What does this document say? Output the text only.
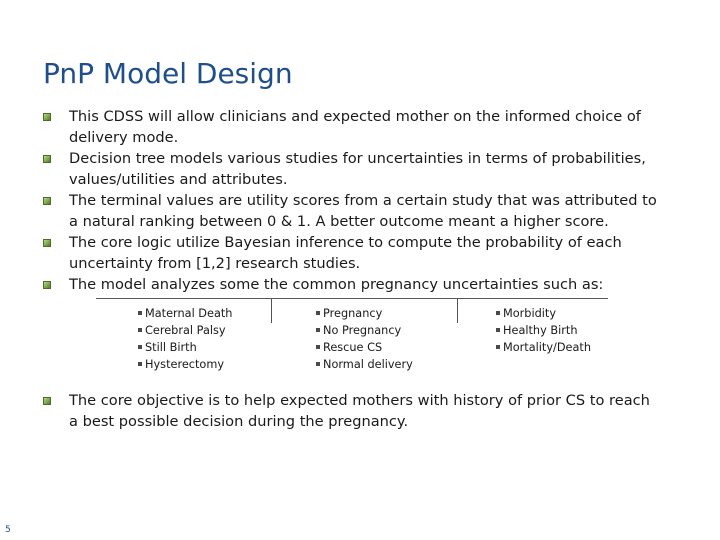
PnP Model Design
This CDSS will allow clinicians and expected mother on the informed choice of delivery mode.
Decision tree models various studies for uncertainties in terms of probabilities, values/utilities and attributes.
The terminal values are utility scores from a certain study that was attributed to a natural ranking between 0 & 1. A better outcome meant a higher score.
The core logic utilize Bayesian inference to compute the probability of each uncertainty from [1,2] research studies.
The model analyzes some the common pregnancy uncertainties such as:
Maternal Death
Cerebral Palsy
Still Birth
Hysterectomy
Pregnancy
No Pregnancy
Rescue CS
Normal delivery
Morbidity
Healthy Birth
Mortality/Death
The core objective is to help expected mothers with history of prior CS to reach a best possible decision during the pregnancy.
5
